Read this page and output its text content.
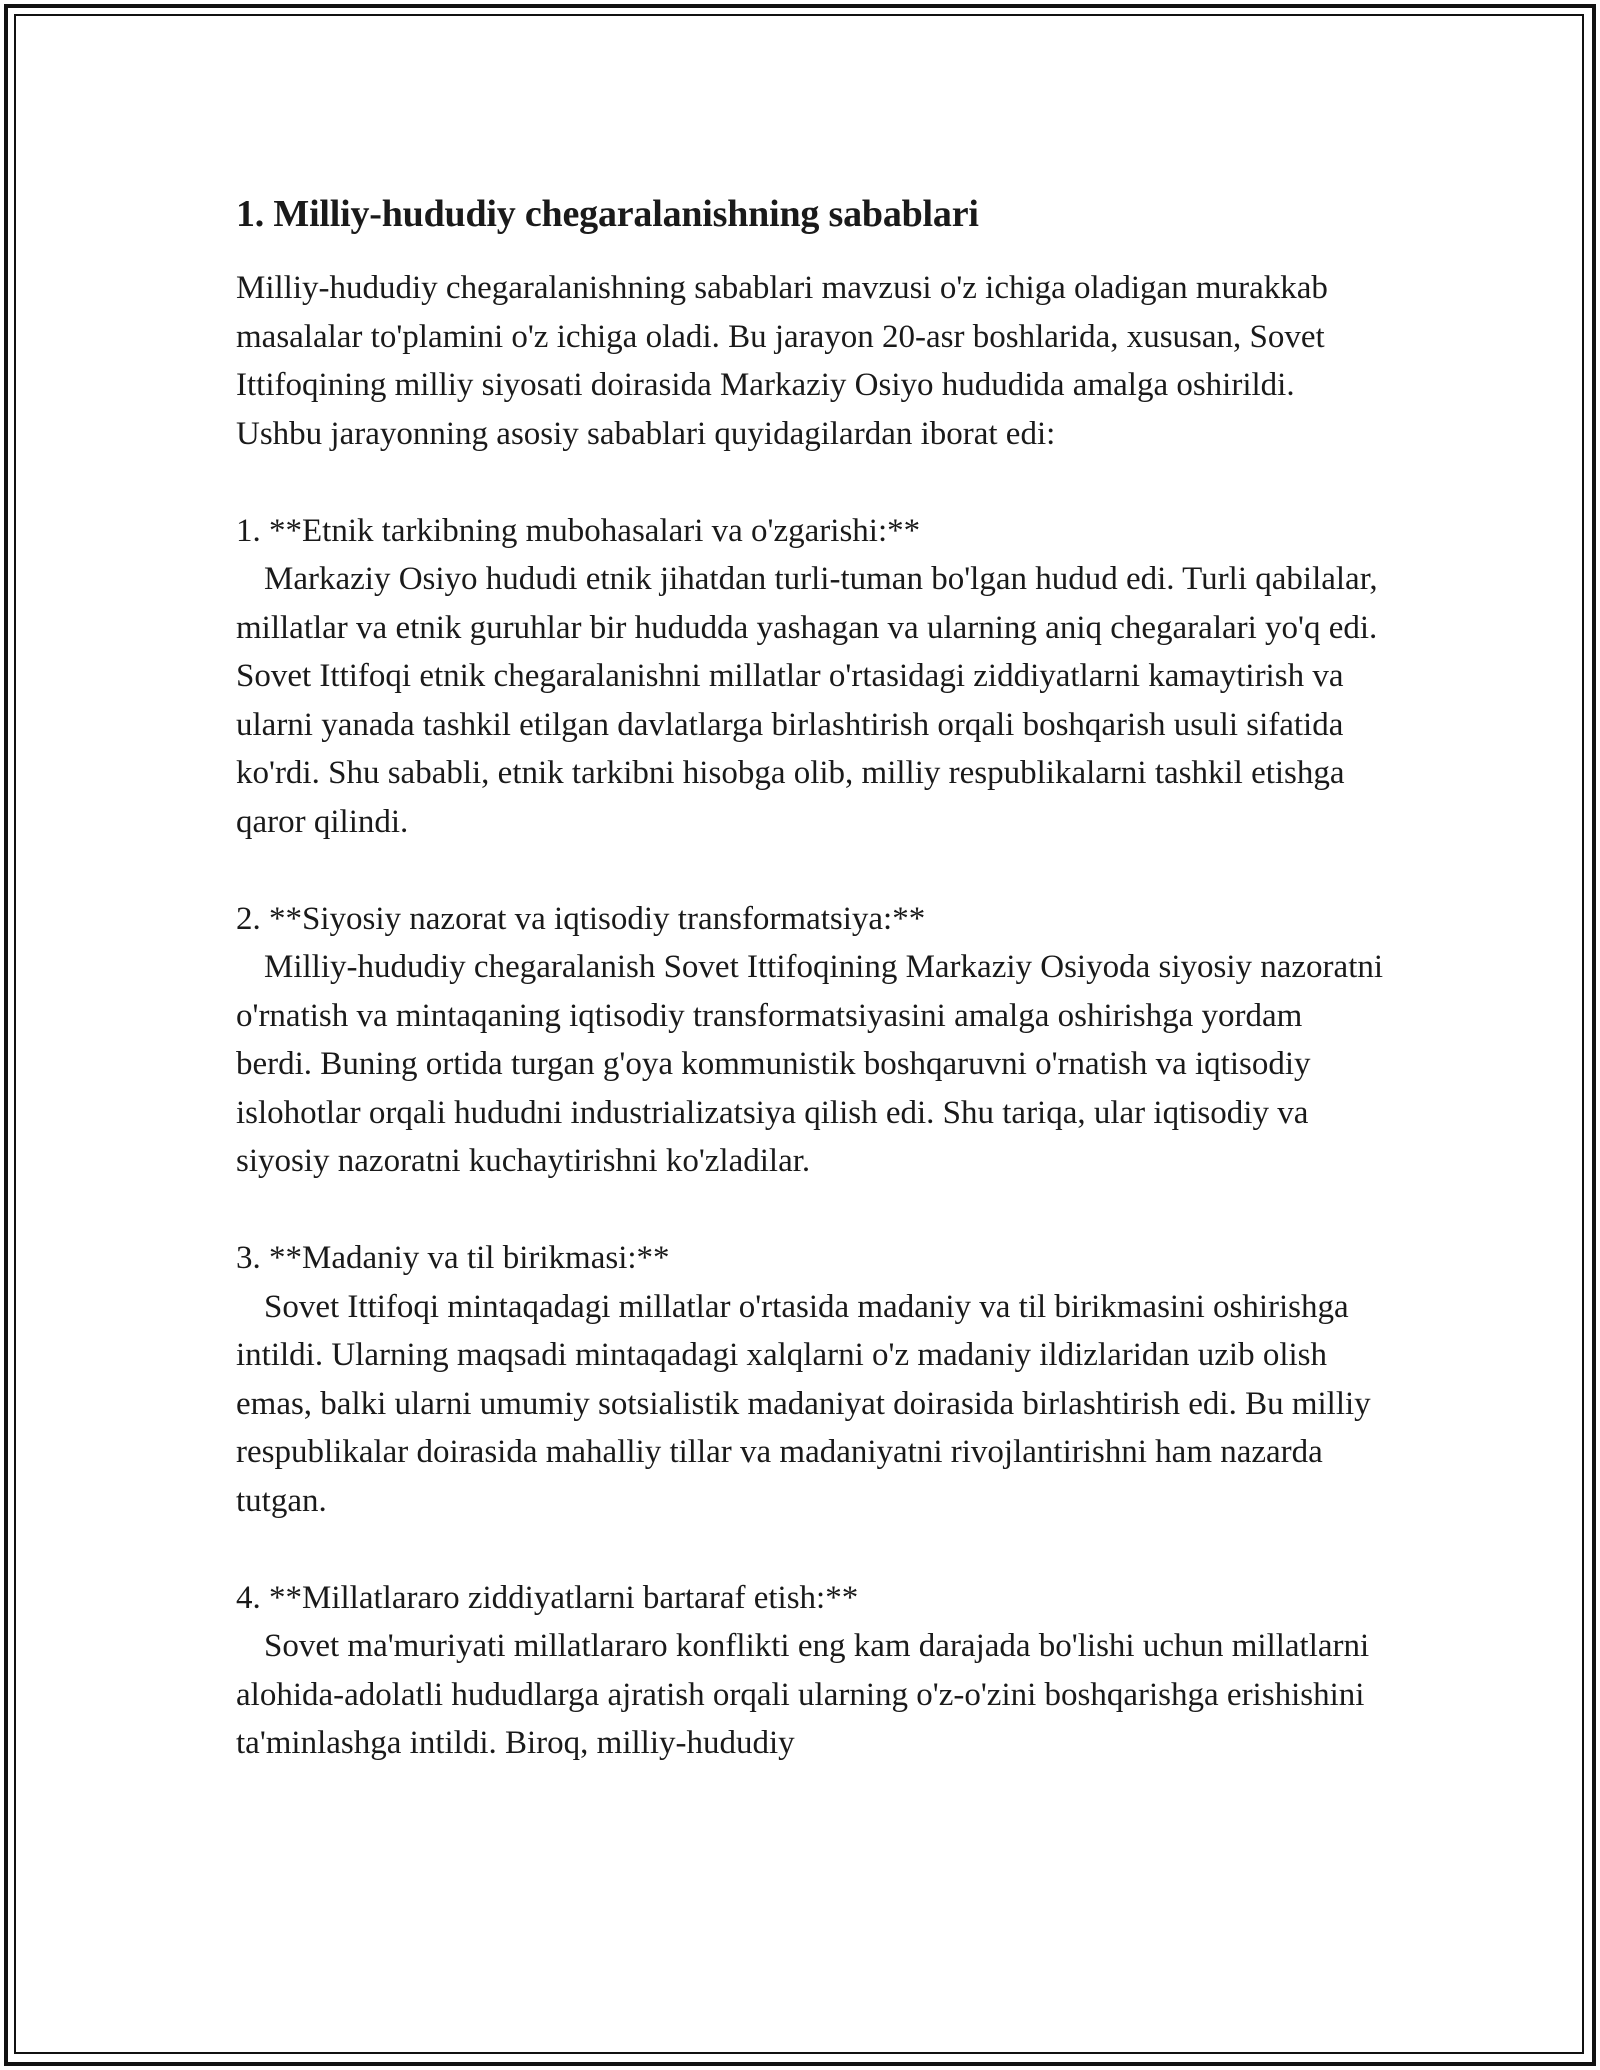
1. Milliy-hududiy chegaralanishning sabablari

Milliy-hududiy chegaralanishning sabablari mavzusi o'z ichiga oladigan murakkab masalalar to'plamini o'z ichiga oladi. Bu jarayon 20-asr boshlarida, xususan, Sovet Ittifoqining milliy siyosati doirasida Markaziy Osiyo hududida amalga oshirildi. Ushbu jarayonning asosiy sabablari quyidagilardan iborat edi:

1. **Etnik tarkibning mubohasalari va o'zgarishi:**
Markaziy Osiyo hududi etnik jihatdan turli-tuman bo'lgan hudud edi. Turli qabilalar, millatlar va etnik guruhlar bir hududda yashagan va ularning aniq chegaralari yo'q edi. Sovet Ittifoqi etnik chegaralanishni millatlar o'rtasidagi ziddiyatlarni kamaytirish va ularni yanada tashkil etilgan davlatlarga birlashtirish orqali boshqarish usuli sifatida ko'rdi. Shu sababli, etnik tarkibni hisobga olib, milliy respublikalarni tashkil etishga qaror qilindi.
2. **Siyosiy nazorat va iqtisodiy transformatsiya:**
Milliy-hududiy chegaralanish Sovet Ittifoqining Markaziy Osiyoda siyosiy nazoratni o'rnatish va mintaqaning iqtisodiy transformatsiyasini amalga oshirishga yordam berdi. Buning ortida turgan g'oya kommunistik boshqaruvni o'rnatish va iqtisodiy islohotlar orqali hududni industrializatsiya qilish edi. Shu tariqa, ular iqtisodiy va siyosiy nazoratni kuchaytirishni ko'zladilar.
3. **Madaniy va til birikmasi:**
Sovet Ittifoqi mintaqadagi millatlar o'rtasida madaniy va til birikmasini oshirishga intildi. Ularning maqsadi mintaqadagi xalqlarni o'z madaniy ildizlaridan uzib olish emas, balki ularni umumiy sotsialistik madaniyat doirasida birlashtirish edi. Bu milliy respublikalar doirasida mahalliy tillar va madaniyatni rivojlantirishni ham nazarda tutgan.
4. **Millatlararo ziddiyatlarni bartaraf etish:**
Sovet ma'muriyati millatlararo konflikti eng kam darajada bo'lishi uchun millatlarni alohida-adolatli hududlarga ajratish orqali ularning o'z-o'zini boshqarishga erishishini ta'minlashga intildi. Biroq, milliy-hududiy
